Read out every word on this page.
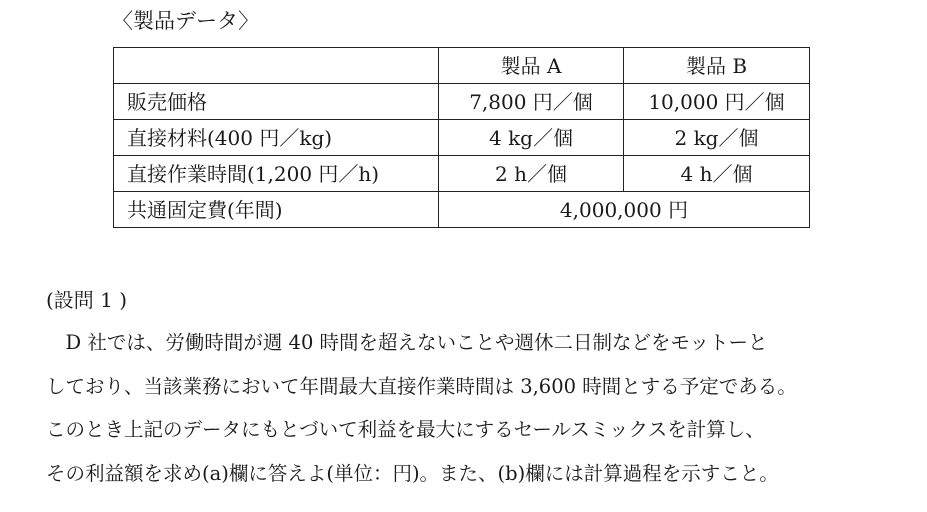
〈製品データ〉
	製品 A	製品 B
販売価格	7,800 円／個	10,000 円／個
直接材料(400 円／kg)	4 kg／個	2 kg／個
直接作業時間(1,200 円／h)	2 h／個	4 h／個
共通固定費(年間)	4,000,000 円	
(設問 1 )
　D 社では、労働時間が週 40 時間を超えないことや週休二日制などをモットーと
しており、当該業務において年間最大直接作業時間は 3,600 時間とする予定である。
このとき上記のデータにもとづいて利益を最大にするセールスミックスを計算し、
その利益額を求め(a)欄に答えよ(単位：円)。また、(b)欄には計算過程を示すこと。
